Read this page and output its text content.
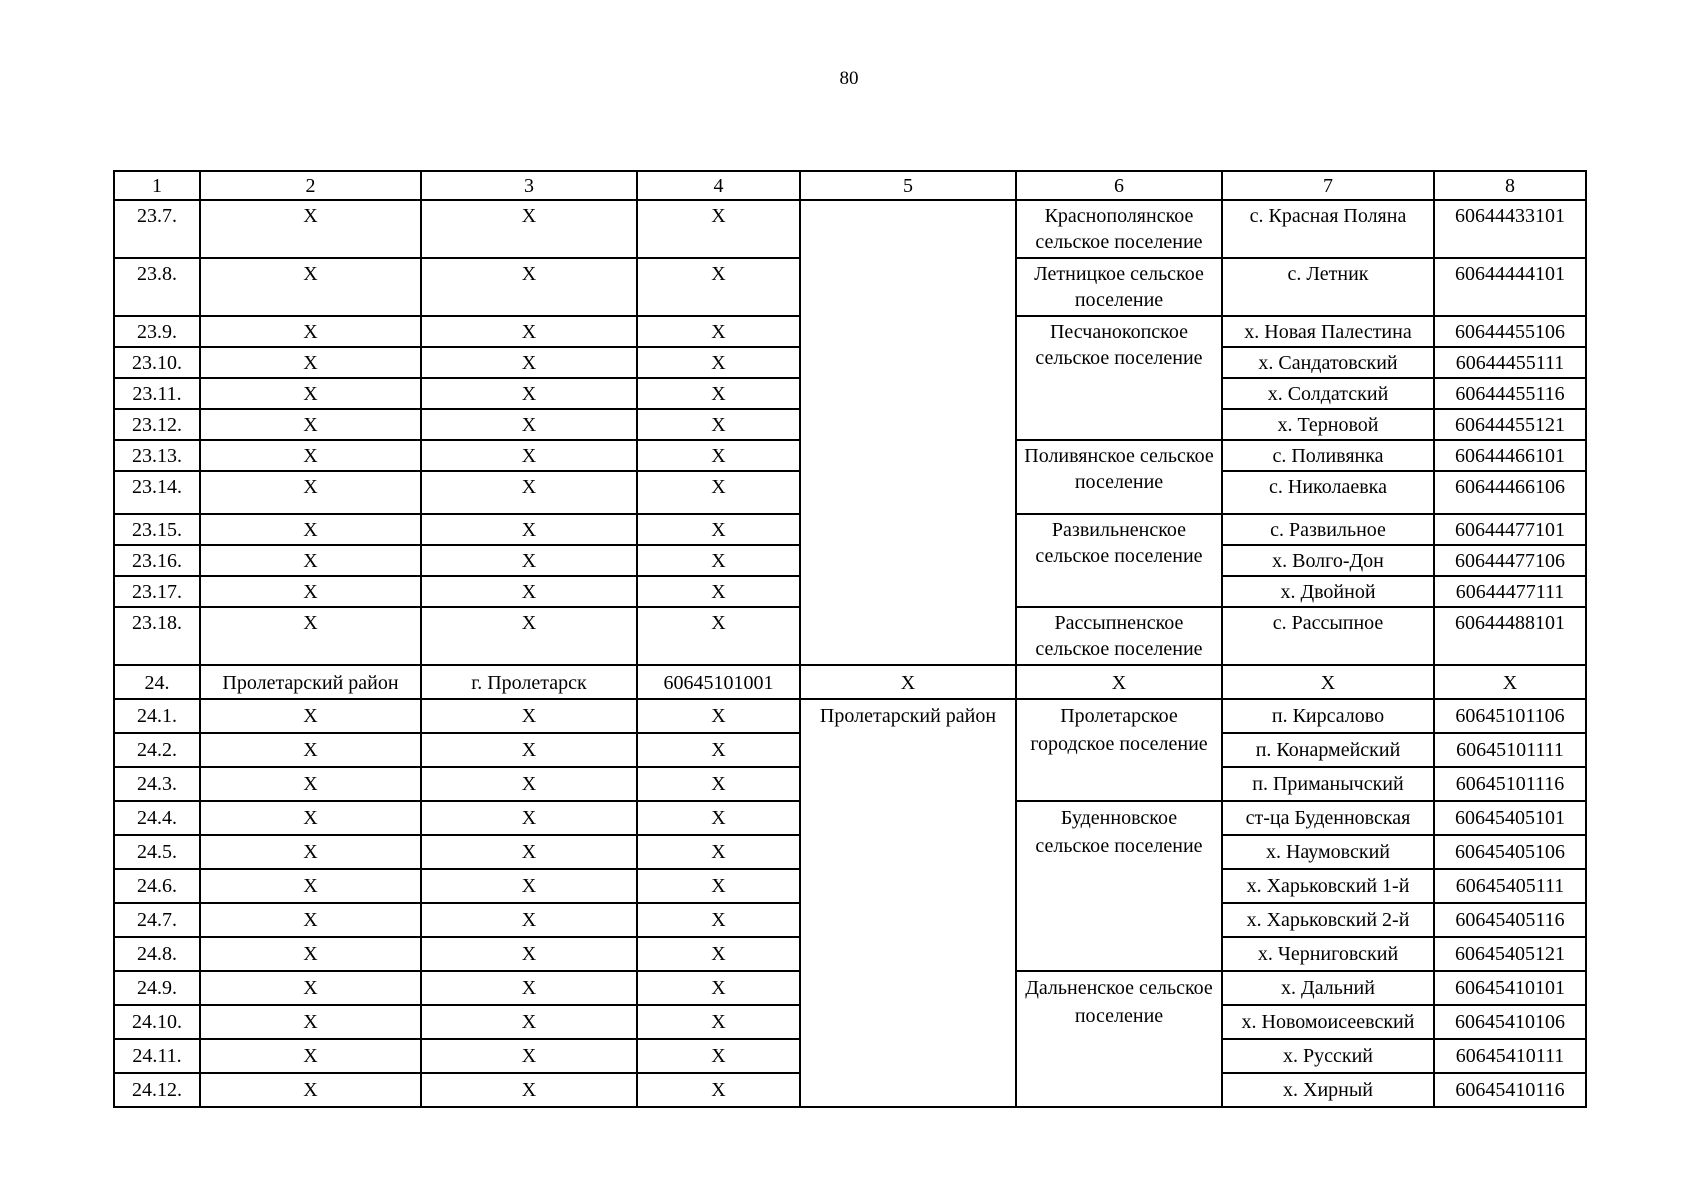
80
1	2	3	4	5	6	7	8
23.7.	X	X	X		Краснополянское сельское поселение	с. Красная Поляна	60644433101
23.8.	X	X	X		Летницкое сельское поселение	с. Летник	60644444101
23.9.	X	X	X		Песчанокопское сельское поселение	х. Новая Палестина	60644455106
23.10.	X	X	X			х. Сандатовский	60644455111
23.11.	X	X	X			х. Солдатский	60644455116
23.12.	X	X	X			х. Терновой	60644455121
23.13.	X	X	X		Поливянское сельское поселение	с. Поливянка	60644466101
23.14.	X	X	X			с. Николаевка	60644466106
23.15.	X	X	X		Развильненское сельское поселение	с. Развильное	60644477101
23.16.	X	X	X			х. Волго-Дон	60644477106
23.17.	X	X	X			х. Двойной	60644477111
23.18.	X	X	X		Рассыпненское сельское поселение	с. Рассыпное	60644488101
24.	Пролетарский район	г. Пролетарск	60645101001	X	X	X	X
24.1.	X	X	X	Пролетарский район	Пролетарское городское поселение	п. Кирсалово	60645101106
24.2.	X	X	X			п. Конармейский	60645101111
24.3.	X	X	X			п. Приманычский	60645101116
24.4.	X	X	X		Буденновское сельское поселение	ст-ца Буденновская	60645405101
24.5.	X	X	X			х. Наумовский	60645405106
24.6.	X	X	X			х. Харьковский 1-й	60645405111
24.7.	X	X	X			х. Харьковский 2-й	60645405116
24.8.	X	X	X			х. Черниговский	60645405121
24.9.	X	X	X		Дальненское сельское поселение	х. Дальний	60645410101
24.10.	X	X	X			х. Новомоисеевский	60645410106
24.11.	X	X	X			х. Русский	60645410111
24.12.	X	X	X			х. Хирный	60645410116
